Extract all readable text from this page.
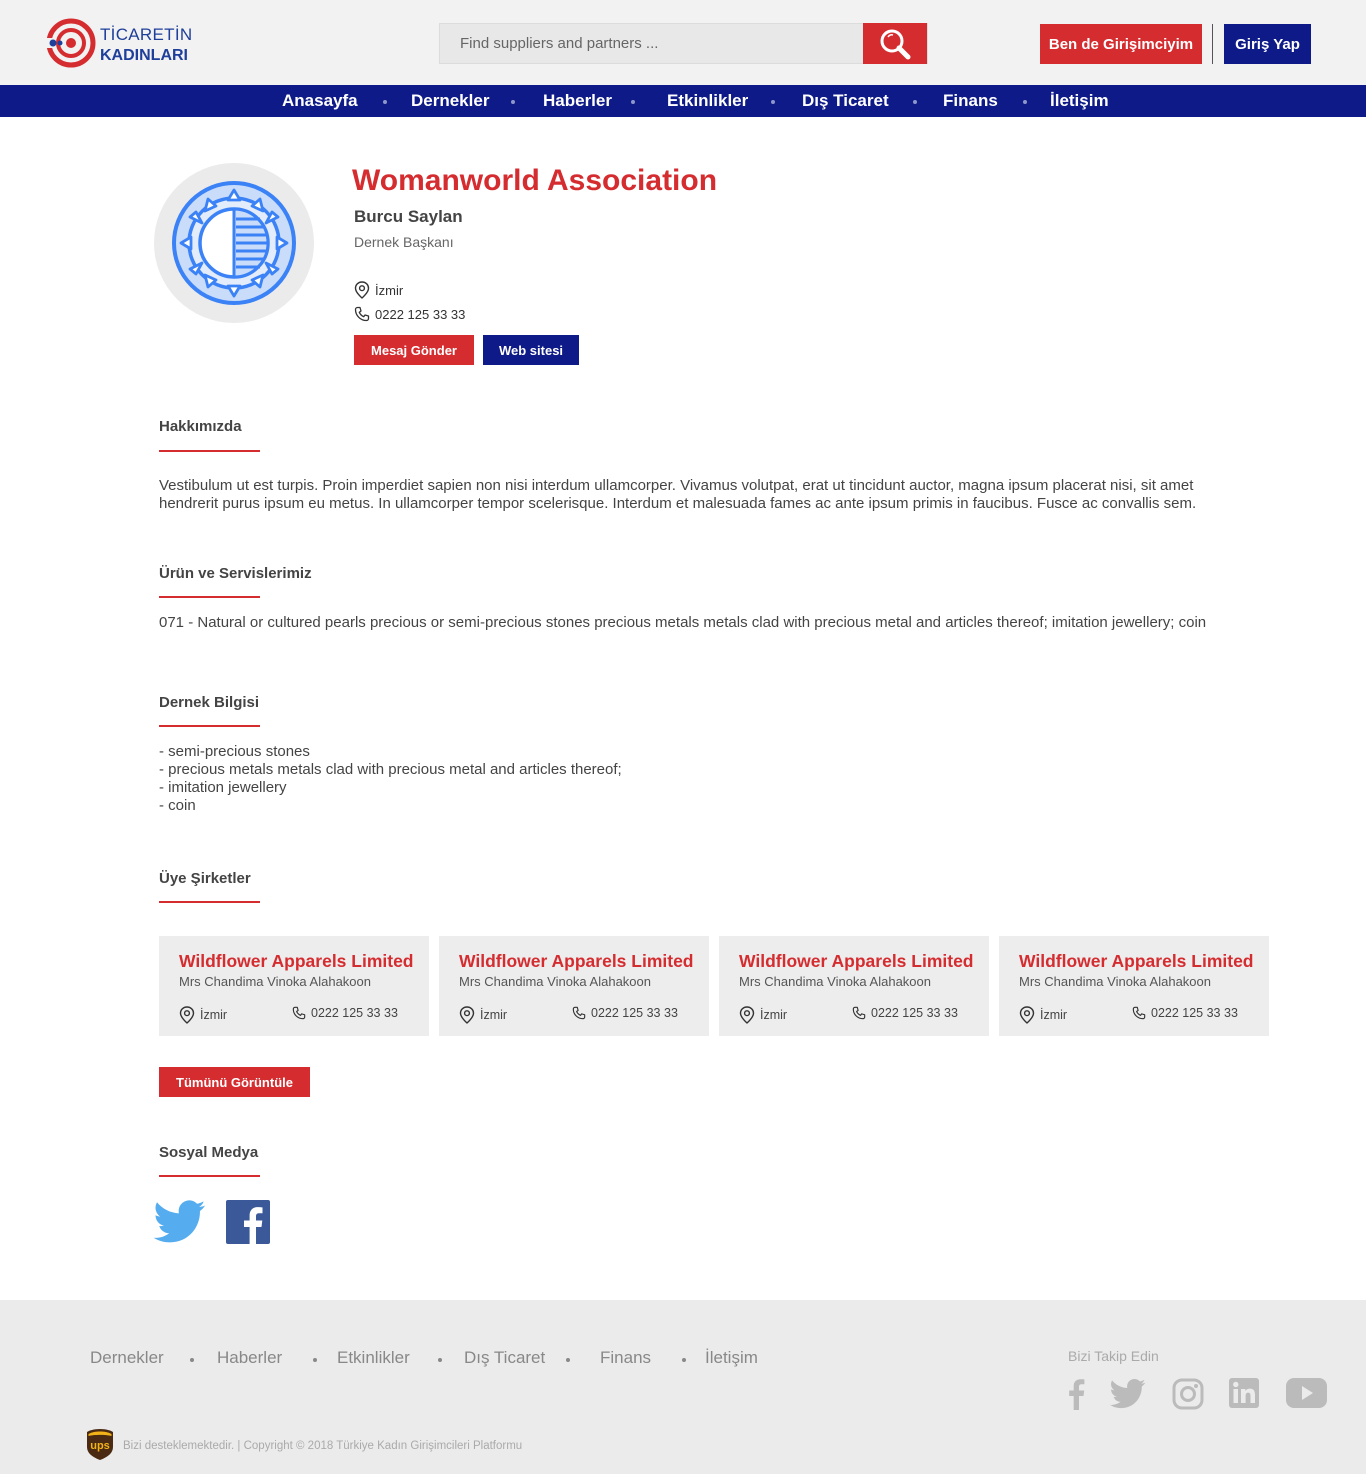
TİCARETİN
KADINLARI
Find suppliers and partners ...
Ben de Girişimciyim	Giriş Yap
Anasayfa	Dernekler	Haberler	Etkinlikler	Dış Ticaret	Finans	İletişim
Womanworld Association
Burcu Saylan
Dernek Başkanı
İzmir
0222 125 33 33
Mesaj Gönder	Web sitesi
Hakkımızda

Vestibulum ut est turpis. Proin imperdiet sapien non nisi interdum ullamcorper. Vivamus volutpat, erat ut tincidunt auctor, magna ipsum placerat nisi, sit amet hendrerit purus ipsum eu metus. In ullamcorper tempor scelerisque. Interdum et malesuada fames ac ante ipsum primis in faucibus. Fusce ac convallis sem.

Ürün ve Servislerimiz

071 - Natural or cultured pearls precious or semi-precious stones precious metals metals clad with precious metal and articles thereof; imitation jewellery; coin

Dernek Bilgisi
- semi-precious stones
- precious metals metals clad with precious metal and articles thereof;
- imitation jewellery
- coin
Üye Şirketler
Wildflower Apparels Limited
Mrs Chandima Vinoka Alahakoon
İzmir	0222 125 33 33
Wildflower Apparels Limited
Mrs Chandima Vinoka Alahakoon
İzmir	0222 125 33 33
Wildflower Apparels Limited
Mrs Chandima Vinoka Alahakoon
İzmir	0222 125 33 33
Wildflower Apparels Limited
Mrs Chandima Vinoka Alahakoon
İzmir	0222 125 33 33
Tümünü Görüntüle
Sosyal Medya
Dernekler	Haberler	Etkinlikler	Dış Ticaret	Finans	İletişim	Bizi Takip Edin
ups Bizi desteklemektedir. | Copyright © 2018 Türkiye Kadın Girişimcileri Platformu
